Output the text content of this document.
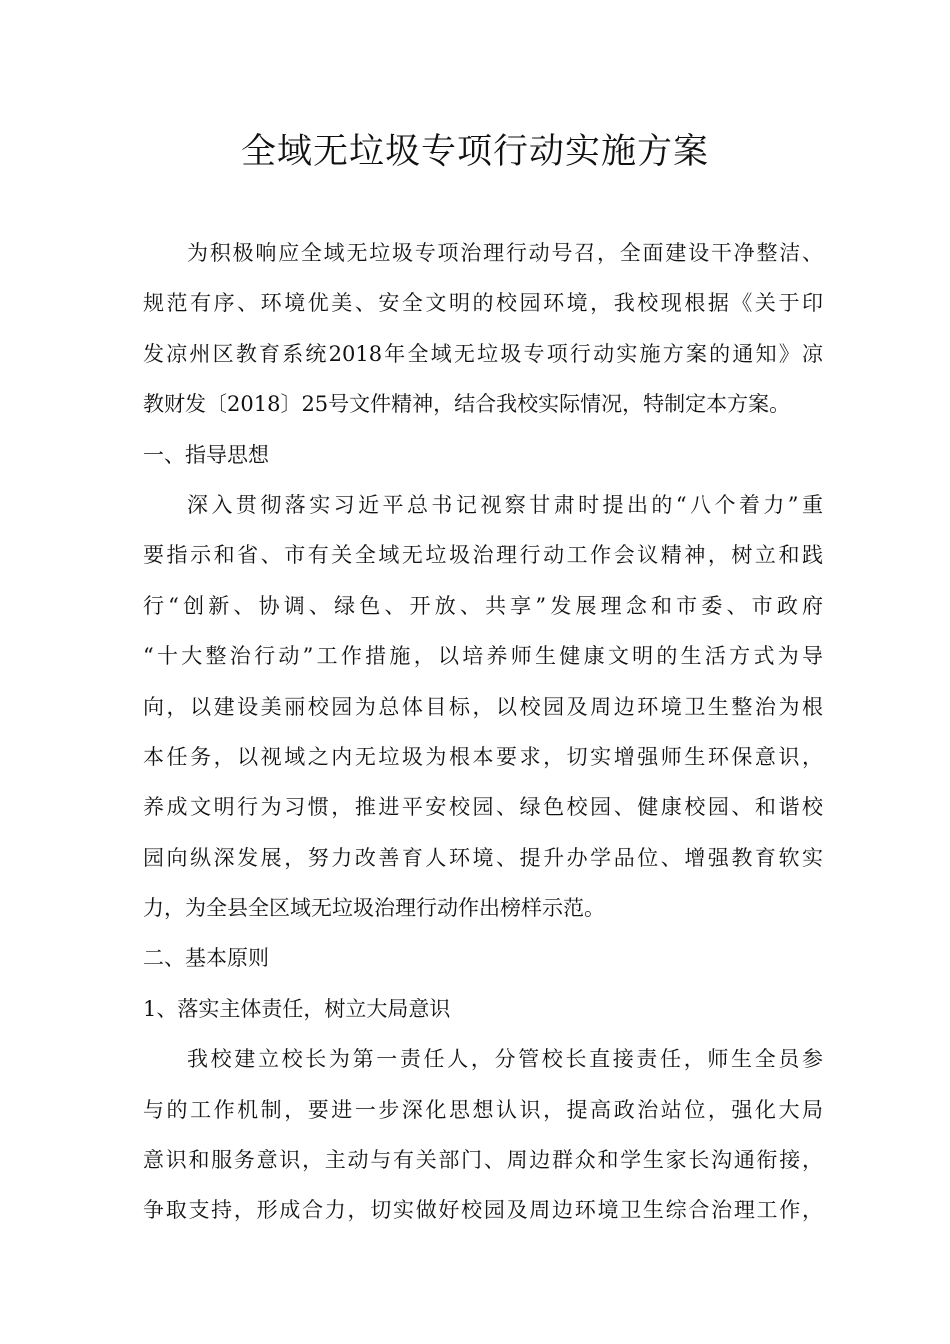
全域无垃圾专项行动实施方案
为积极响应全域无垃圾专项治理行动号召，全面建设干净整洁、
规范有序、环境优美、安全文明的校园环境，我校现根据《关于印
发凉州区教育系统2018年全域无垃圾专项行动实施方案的通知》凉
教财发〔2018〕25号文件精神，结合我校实际情况，特制定本方案。
一、指导思想
深入贯彻落实习近平总书记视察甘肃时提出的“八个着力”重
要指示和省、市有关全域无垃圾治理行动工作会议精神，树立和践
行“创新、协调、绿色、开放、共享”发展理念和市委、市政府
“十大整治行动”工作措施，以培养师生健康文明的生活方式为导
向，以建设美丽校园为总体目标，以校园及周边环境卫生整治为根
本任务，以视域之内无垃圾为根本要求，切实增强师生环保意识，
养成文明行为习惯，推进平安校园、绿色校园、健康校园、和谐校
园向纵深发展，努力改善育人环境、提升办学品位、增强教育软实
力，为全县全区域无垃圾治理行动作出榜样示范。
二、基本原则
1、落实主体责任，树立大局意识
我校建立校长为第一责任人，分管校长直接责任，师生全员参
与的工作机制，要进一步深化思想认识，提高政治站位，强化大局
意识和服务意识，主动与有关部门、周边群众和学生家长沟通衔接，
争取支持，形成合力，切实做好校园及周边环境卫生综合治理工作，
